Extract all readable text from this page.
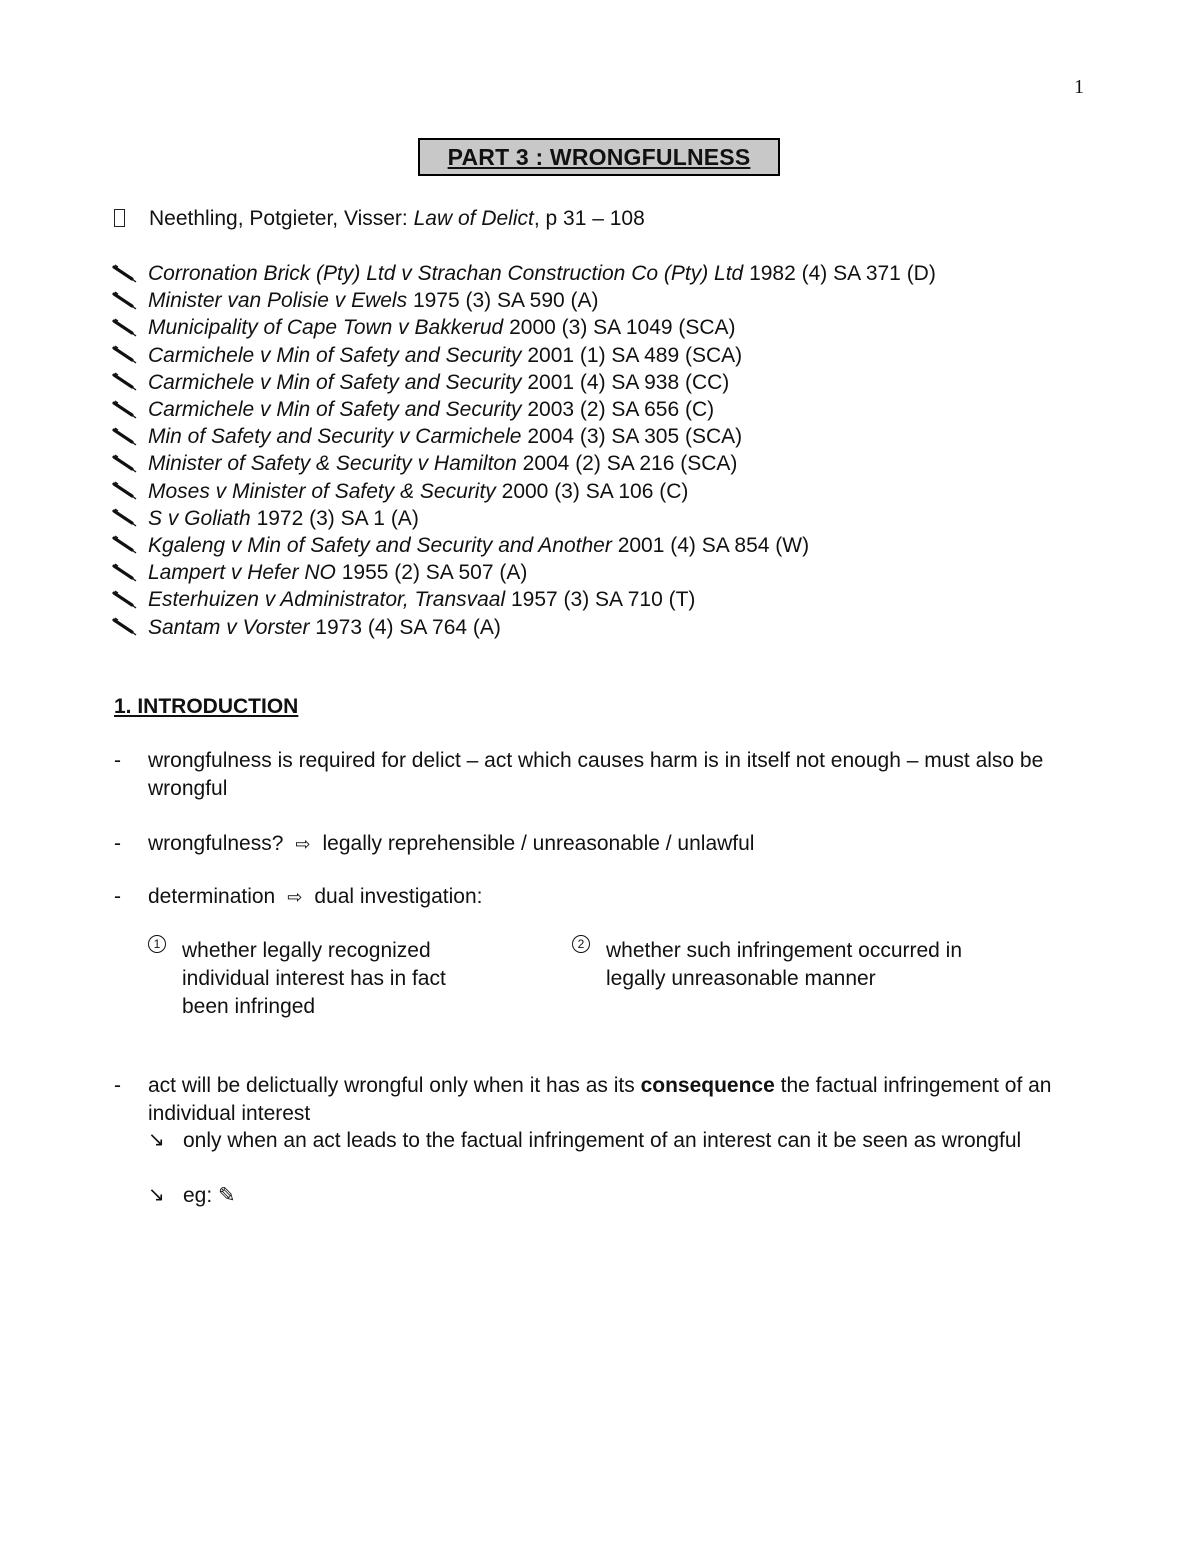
1
PART 3 : WRONGFULNESS
Neethling, Potgieter, Visser:
Law of Delict , p 31 – 108
Corronation Brick (Pty) Ltd v Strachan Construction Co (Pty) Ltd
1982 (4) SA 371 (D)
Minister van Polisie v Ewels
1975 (3) SA 590 (A)
Municipality of Cape Town v Bakkerud
2000 (3) SA 1049 (SCA)
Carmichele v Min of Safety and Security
2001 (1) SA 489 (SCA)
Carmichele v Min of Safety and Security
2001 (4) SA 938 (CC)
Carmichele v Min of Safety and Security
2003 (2) SA 656 (C)
Min of Safety and Security v Carmichele
2004 (3) SA 305 (SCA)
Minister of Safety & Security v Hamilton
2004 (2) SA 216 (SCA)
Moses v Minister of Safety & Security
2000 (3) SA 106 (C)
S v Goliath
1972 (3) SA 1 (A)
Kgaleng v Min of Safety and Security and Another
2001 (4) SA 854 (W)
Lampert v Hefer NO
1955 (2) SA 507 (A)
Esterhuizen v Administrator, Transvaal
1957 (3) SA 710 (T)
Santam v Vorster
1973 (4) SA 764 (A)
1. INTRODUCTION
-	wrongfulness is required for delict – act which causes harm is in itself not enough – must also be wrongful
-	wrongfulness? ⇨ legally reprehensible / unreasonable / unlawful
-	determination ⇨ dual investigation:
1 whether legally recognized individual interest has in fact been infringed
2 whether such infringement occurred in legally unreasonable manner
-	act will be delictually wrongful only when it has as its consequence the factual infringement of an individual interest
↘ only when an act leads to the factual infringement of an interest can it be seen as wrongful
↘ eg: ✎
